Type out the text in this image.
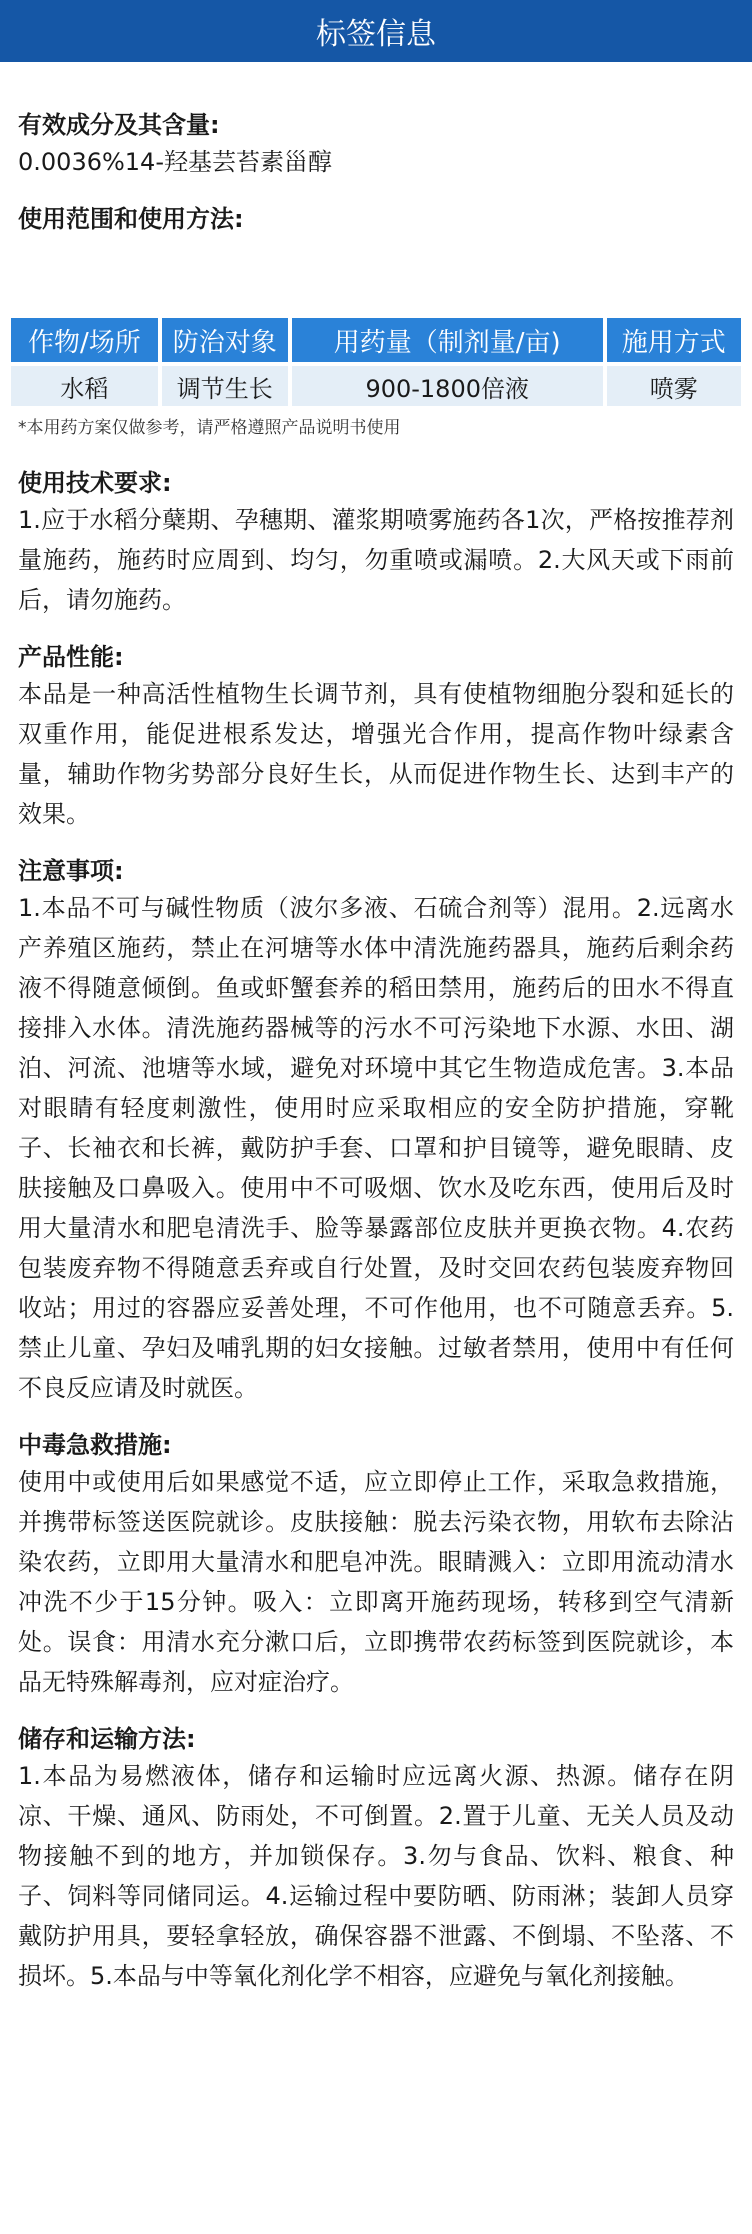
标签信息

有效成分及其含量:

0.0036%14-羟基芸苔素甾醇

使用范围和使用方法:

作物/场所	防治对象	用药量（制剂量/亩)	施用方式
水稻	调节生长	900-1800倍液	喷雾

*本用药方案仅做参考，请严格遵照产品说明书使用

使用技术要求:

1.应于水稻分蘖期、孕穗期、灌浆期喷雾施药各1次，严格按推荐剂量施药，施药时应周到、均匀，勿重喷或漏喷。2.大风天或下雨前后，请勿施药。

产品性能:

本品是一种高活性植物生长调节剂，具有使植物细胞分裂和延长的双重作用，能促进根系发达，增强光合作用，提高作物叶绿素含量，辅助作物劣势部分良好生长，从而促进作物生长、达到丰产的效果。

注意事项:

1.本品不可与碱性物质（波尔多液、石硫合剂等）混用。2.远离水产养殖区施药，禁止在河塘等水体中清洗施药器具，施药后剩余药液不得随意倾倒。鱼或虾蟹套养的稻田禁用，施药后的田水不得直接排入水体。清洗施药器械等的污水不可污染地下水源、水田、湖泊、河流、池塘等水域，避免对环境中其它生物造成危害。3.本品对眼睛有轻度刺激性，使用时应采取相应的安全防护措施，穿靴子、长袖衣和长裤，戴防护手套、口罩和护目镜等，避免眼睛、皮肤接触及口鼻吸入。使用中不可吸烟、饮水及吃东西，使用后及时用大量清水和肥皂清洗手、脸等暴露部位皮肤并更换衣物。4.农药包装废弃物不得随意丢弃或自行处置，及时交回农药包装废弃物回收站；用过的容器应妥善处理，不可作他用，也不可随意丢弃。5.禁止儿童、孕妇及哺乳期的妇女接触。过敏者禁用，使用中有任何不良反应请及时就医。

中毒急救措施:

使用中或使用后如果感觉不适，应立即停止工作，采取急救措施，并携带标签送医院就诊。皮肤接触：脱去污染衣物，用软布去除沾染农药，立即用大量清水和肥皂冲洗。眼睛溅入：立即用流动清水冲洗不少于15分钟。吸入：立即离开施药现场，转移到空气清新处。误食：用清水充分漱口后，立即携带农药标签到医院就诊，本品无特殊解毒剂，应对症治疗。

储存和运输方法:

1.本品为易燃液体，储存和运输时应远离火源、热源。储存在阴凉、干燥、通风、防雨处，不可倒置。2.置于儿童、无关人员及动物接触不到的地方，并加锁保存。3.勿与食品、饮料、粮食、种子、饲料等同储同运。4.运输过程中要防晒、防雨淋；装卸人员穿戴防护用具，要轻拿轻放，确保容器不泄露、不倒塌、不坠落、不损坏。5.本品与中等氧化剂化学不相容，应避免与氧化剂接触。
